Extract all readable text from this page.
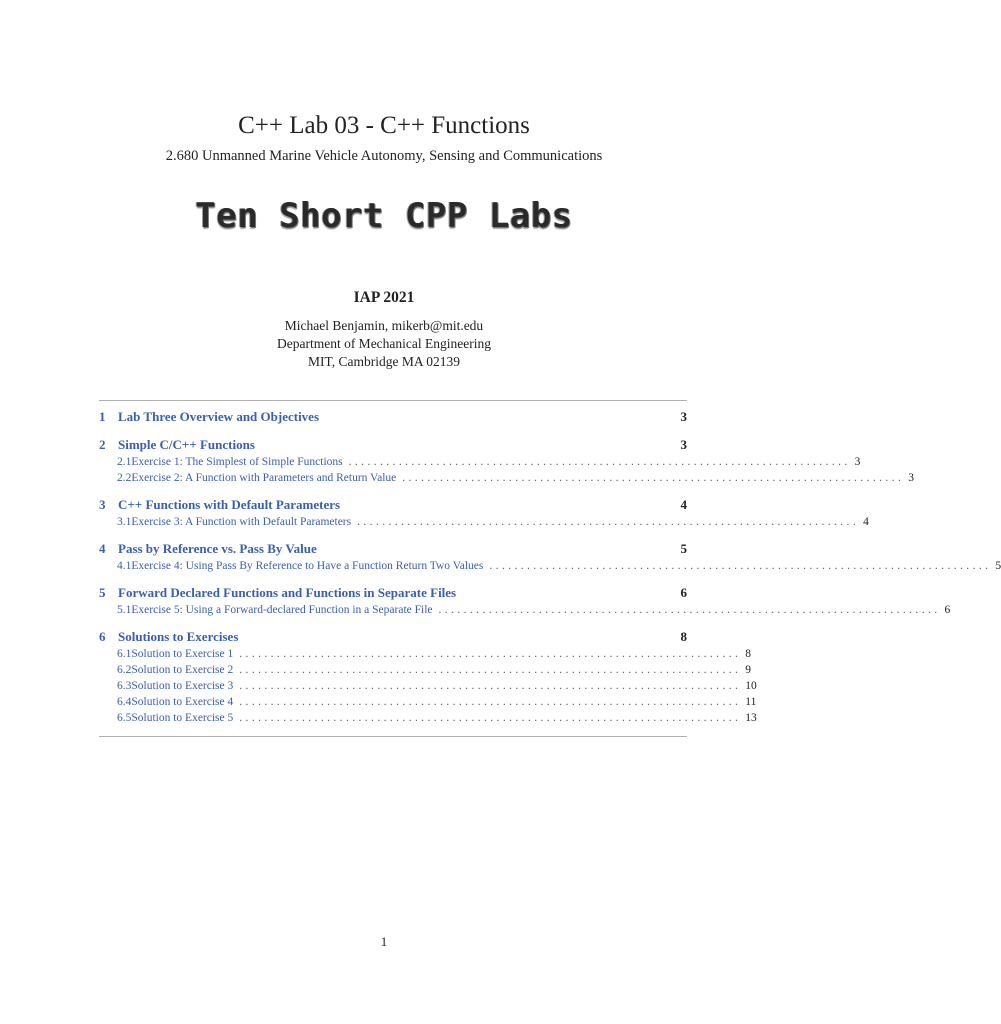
C++ Lab 03 - C++ Functions
2.680 Unmanned Marine Vehicle Autonomy, Sensing and Communications
Ten Short CPP Labs
IAP 2021
Michael Benjamin, mikerb@mit.edu
Department of Mechanical Engineering
MIT, Cambridge MA 02139
1 Lab Three Overview and Objectives	3
2 Simple C/C++ Functions	3
2.1 Exercise 1: The Simplest of Simple Functions ................................................................................ 3
2.2 Exercise 2: A Function with Parameters and Return Value ................................................................................ 3
3 C++ Functions with Default Parameters	4
3.1 Exercise 3: A Function with Default Parameters ................................................................................ 4
4 Pass by Reference vs. Pass By Value	5
4.1 Exercise 4: Using Pass By Reference to Have a Function Return Two Values ................................................................................ 5
5 Forward Declared Functions and Functions in Separate Files	6
5.1 Exercise 5: Using a Forward-declared Function in a Separate File ................................................................................ 6
6 Solutions to Exercises	8
6.1 Solution to Exercise 1 ................................................................................ 8
6.2 Solution to Exercise 2 ................................................................................ 9
6.3 Solution to Exercise 3 ................................................................................ 10
6.4 Solution to Exercise 4 ................................................................................ 11
6.5 Solution to Exercise 5 ................................................................................ 13
1
